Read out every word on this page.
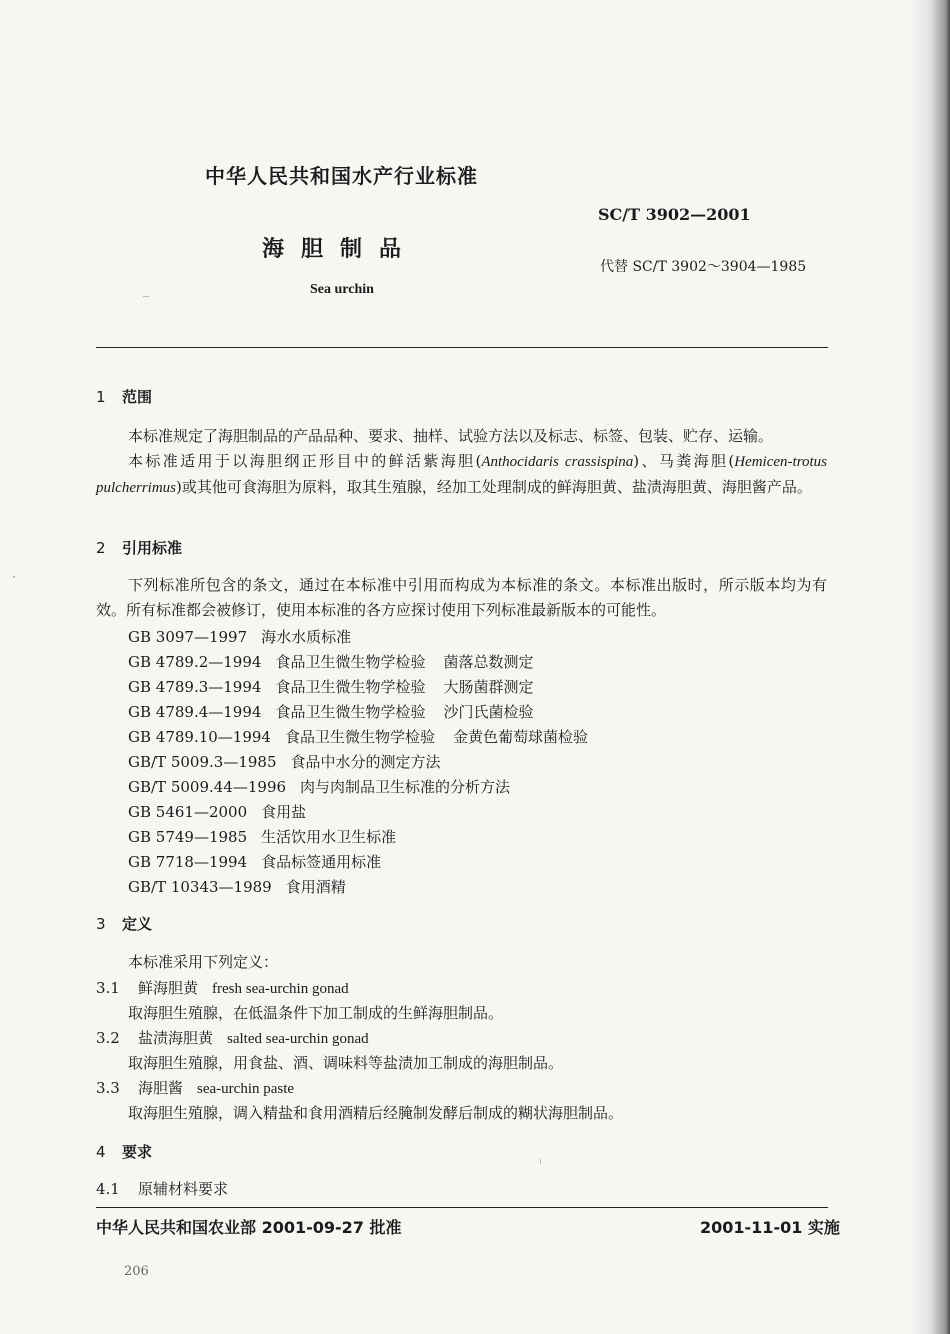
中华人民共和国水产行业标准
SC/T 3902—2001
海胆制品
代替 SC/T 3902～3904—1985
Sea urchin
1 范围
本标准规定了海胆制品的产品品种、要求、抽样、试验方法以及标志、标签、包装、贮存、运输。
本标准适用于以海胆纲正形目中的鲜活紫海胆(Anthocidaris crassispina)、马粪海胆(Hemicen-trotus pulcherrimus)或其他可食海胆为原料，取其生殖腺，经加工处理制成的鲜海胆黄、盐渍海胆黄、海胆酱产品。
2 引用标准
下列标准所包含的条文，通过在本标准中引用而构成为本标准的条文。本标准出版时，所示版本均为有效。所有标准都会被修订，使用本标准的各方应探讨使用下列标准最新版本的可能性。
GB 3097—1997 海水水质标准
GB 4789.2—1994 食品卫生微生物学检验 菌落总数测定
GB 4789.3—1994 食品卫生微生物学检验 大肠菌群测定
GB 4789.4—1994 食品卫生微生物学检验 沙门氏菌检验
GB 4789.10—1994 食品卫生微生物学检验 金黄色葡萄球菌检验
GB/T 5009.3—1985 食品中水分的测定方法
GB/T 5009.44—1996 肉与肉制品卫生标准的分析方法
GB 5461—2000 食用盐
GB 5749—1985 生活饮用水卫生标准
GB 7718—1994 食品标签通用标准
GB/T 10343—1989 食用酒精
3 定义
本标准采用下列定义：
3.1 鲜海胆黄 fresh sea-urchin gonad
取海胆生殖腺，在低温条件下加工制成的生鲜海胆制品。
3.2 盐渍海胆黄 salted sea-urchin gonad
取海胆生殖腺，用食盐、酒、调味料等盐渍加工制成的海胆制品。
3.3 海胆酱 sea-urchin paste
取海胆生殖腺，调入精盐和食用酒精后经腌制发酵后制成的糊状海胆制品。
4 要求
4.1 原辅材料要求
中华人民共和国农业部 2001-09-27 批准	2001-11-01 实施
206
